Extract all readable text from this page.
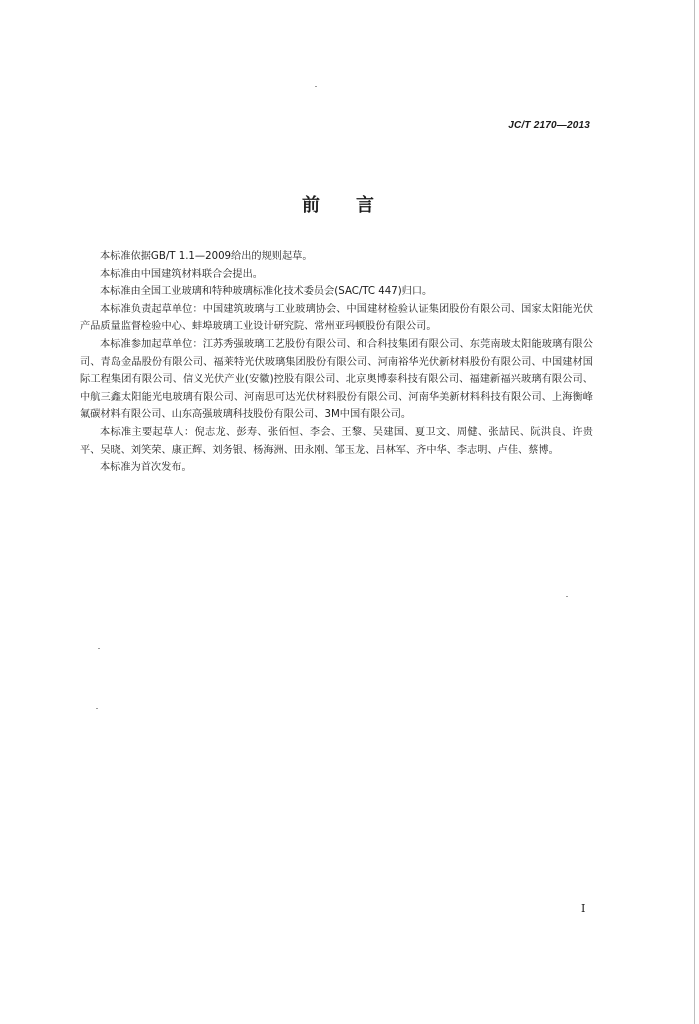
JC/T 2170—2013
前言

本标准依据GB/T 1.1—2009给出的规则起草。

本标准由中国建筑材料联合会提出。

本标准由全国工业玻璃和特种玻璃标准化技术委员会(SAC/TC 447)归口。

本标准负责起草单位：中国建筑玻璃与工业玻璃协会、中国建材检验认证集团股份有限公司、国家太阳能光伏产品质量监督检验中心、蚌埠玻璃工业设计研究院、常州亚玛顿股份有限公司。

本标准参加起草单位：江苏秀强玻璃工艺股份有限公司、和合科技集团有限公司、东莞南玻太阳能玻璃有限公司、青岛金晶股份有限公司、福莱特光伏玻璃集团股份有限公司、河南裕华光伏新材料股份有限公司、中国建材国际工程集团有限公司、信义光伏产业(安徽)控股有限公司、北京奥博泰科技有限公司、福建新福兴玻璃有限公司、中航三鑫太阳能光电玻璃有限公司、河南思可达光伏材料股份有限公司、河南华美新材料科技有限公司、上海衡峰氟碳材料有限公司、山东高强玻璃科技股份有限公司、3M中国有限公司。

本标准主要起草人：倪志龙、彭寿、张佰恒、李会、王黎、吴建国、夏卫文、周健、张喆民、阮洪良、许贵平、吴晓、刘笑荣、康正辉、刘务银、杨海洲、田永刚、邹玉龙、吕林军、齐中华、李志明、卢佳、蔡博。

本标准为首次发布。

I
